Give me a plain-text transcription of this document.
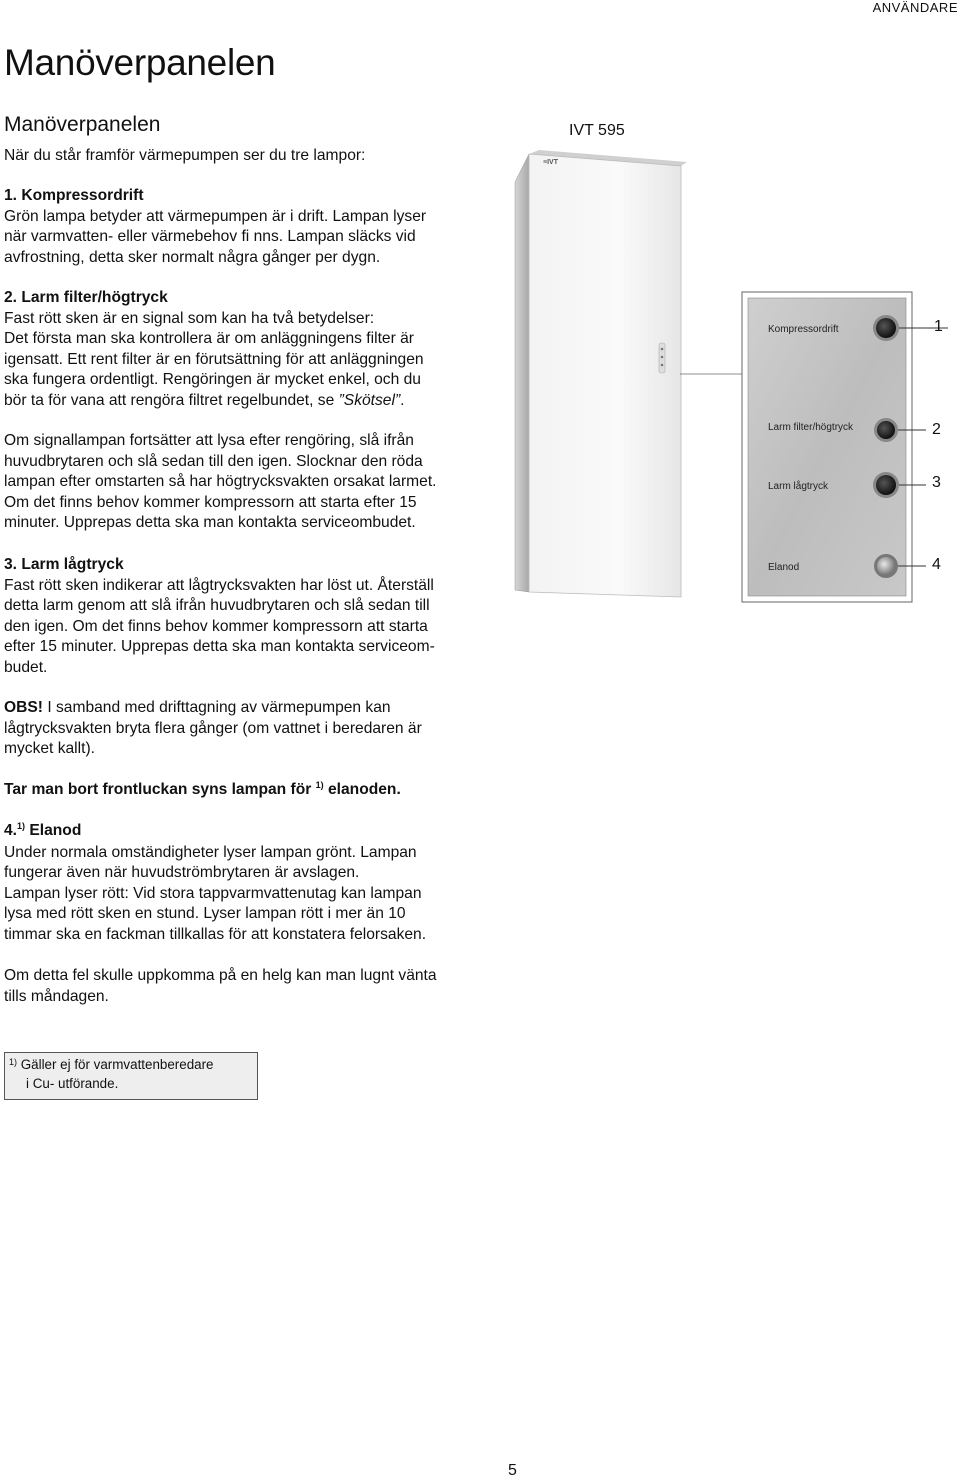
ANVÄNDARE
Manöverpanelen
Manöverpanelen

När du står framför värmepumpen ser du tre lampor:

1. Kompressordrift

Grön lampa betyder att värmepumpen är i drift. Lampan lyser

när varmvatten- eller värmebehov fi nns. Lampan släcks vid

avfrostning, detta sker normalt några gånger per dygn.

2. Larm filter/högtryck

Fast rött sken är en signal som kan ha två betydelser:

Det första man ska kontrollera är om anläggningens filter är

igensatt. Ett rent filter är en förutsättning för att anläggningen

ska fungera ordentligt. Rengöringen är mycket enkel, och du

bör ta för vana att rengöra filtret regelbundet, se ”Skötsel”.

Om signallampan fortsätter att lysa efter rengöring, slå ifrån

huvudbrytaren och slå sedan till den igen. Slocknar den röda

lampan efter omstarten så har högtrycksvakten orsakat larmet.

Om det finns behov kommer kompressorn att starta efter 15

minuter. Upprepas detta ska man kontakta serviceombudet.

3. Larm lågtryck

Fast rött sken indikerar att lågtrycksvakten har löst ut. Återställ

detta larm genom att slå ifrån huvudbrytaren och slå sedan till

den igen. Om det finns behov kommer kompressorn att starta

efter 15 minuter. Upprepas detta ska man kontakta serviceom-

budet.

OBS! I samband med drifttagning av värmepumpen kan

lågtrycksvakten bryta flera gånger (om vattnet i beredaren är

mycket kallt).

Tar man bort frontluckan syns lampan för $^{1)}$ elanoden.

4.$^{1)}$ Elanod

Under normala omständigheter lyser lampan grönt. Lampan

fungerar även när huvudströmbrytaren är avslagen.

Lampan lyser rött: Vid stora tappvarmvattenutag kan lampan

lysa med rött sken en stund. Lyser lampan rött i mer än 10

timmar ska en fackman tillkallas för att konstatera felorsaken.

Om detta fel skulle uppkomma på en helg kan man lugnt vänta

tills måndagen.

$^{1)}$ Gäller ej för varmvattenberedare
i Cu- utförande.
IVT 595
≡IVT
Kompressordrift
Larm filter/högtryck
Larm lågtryck
Elanod
1
2
3
4
5
